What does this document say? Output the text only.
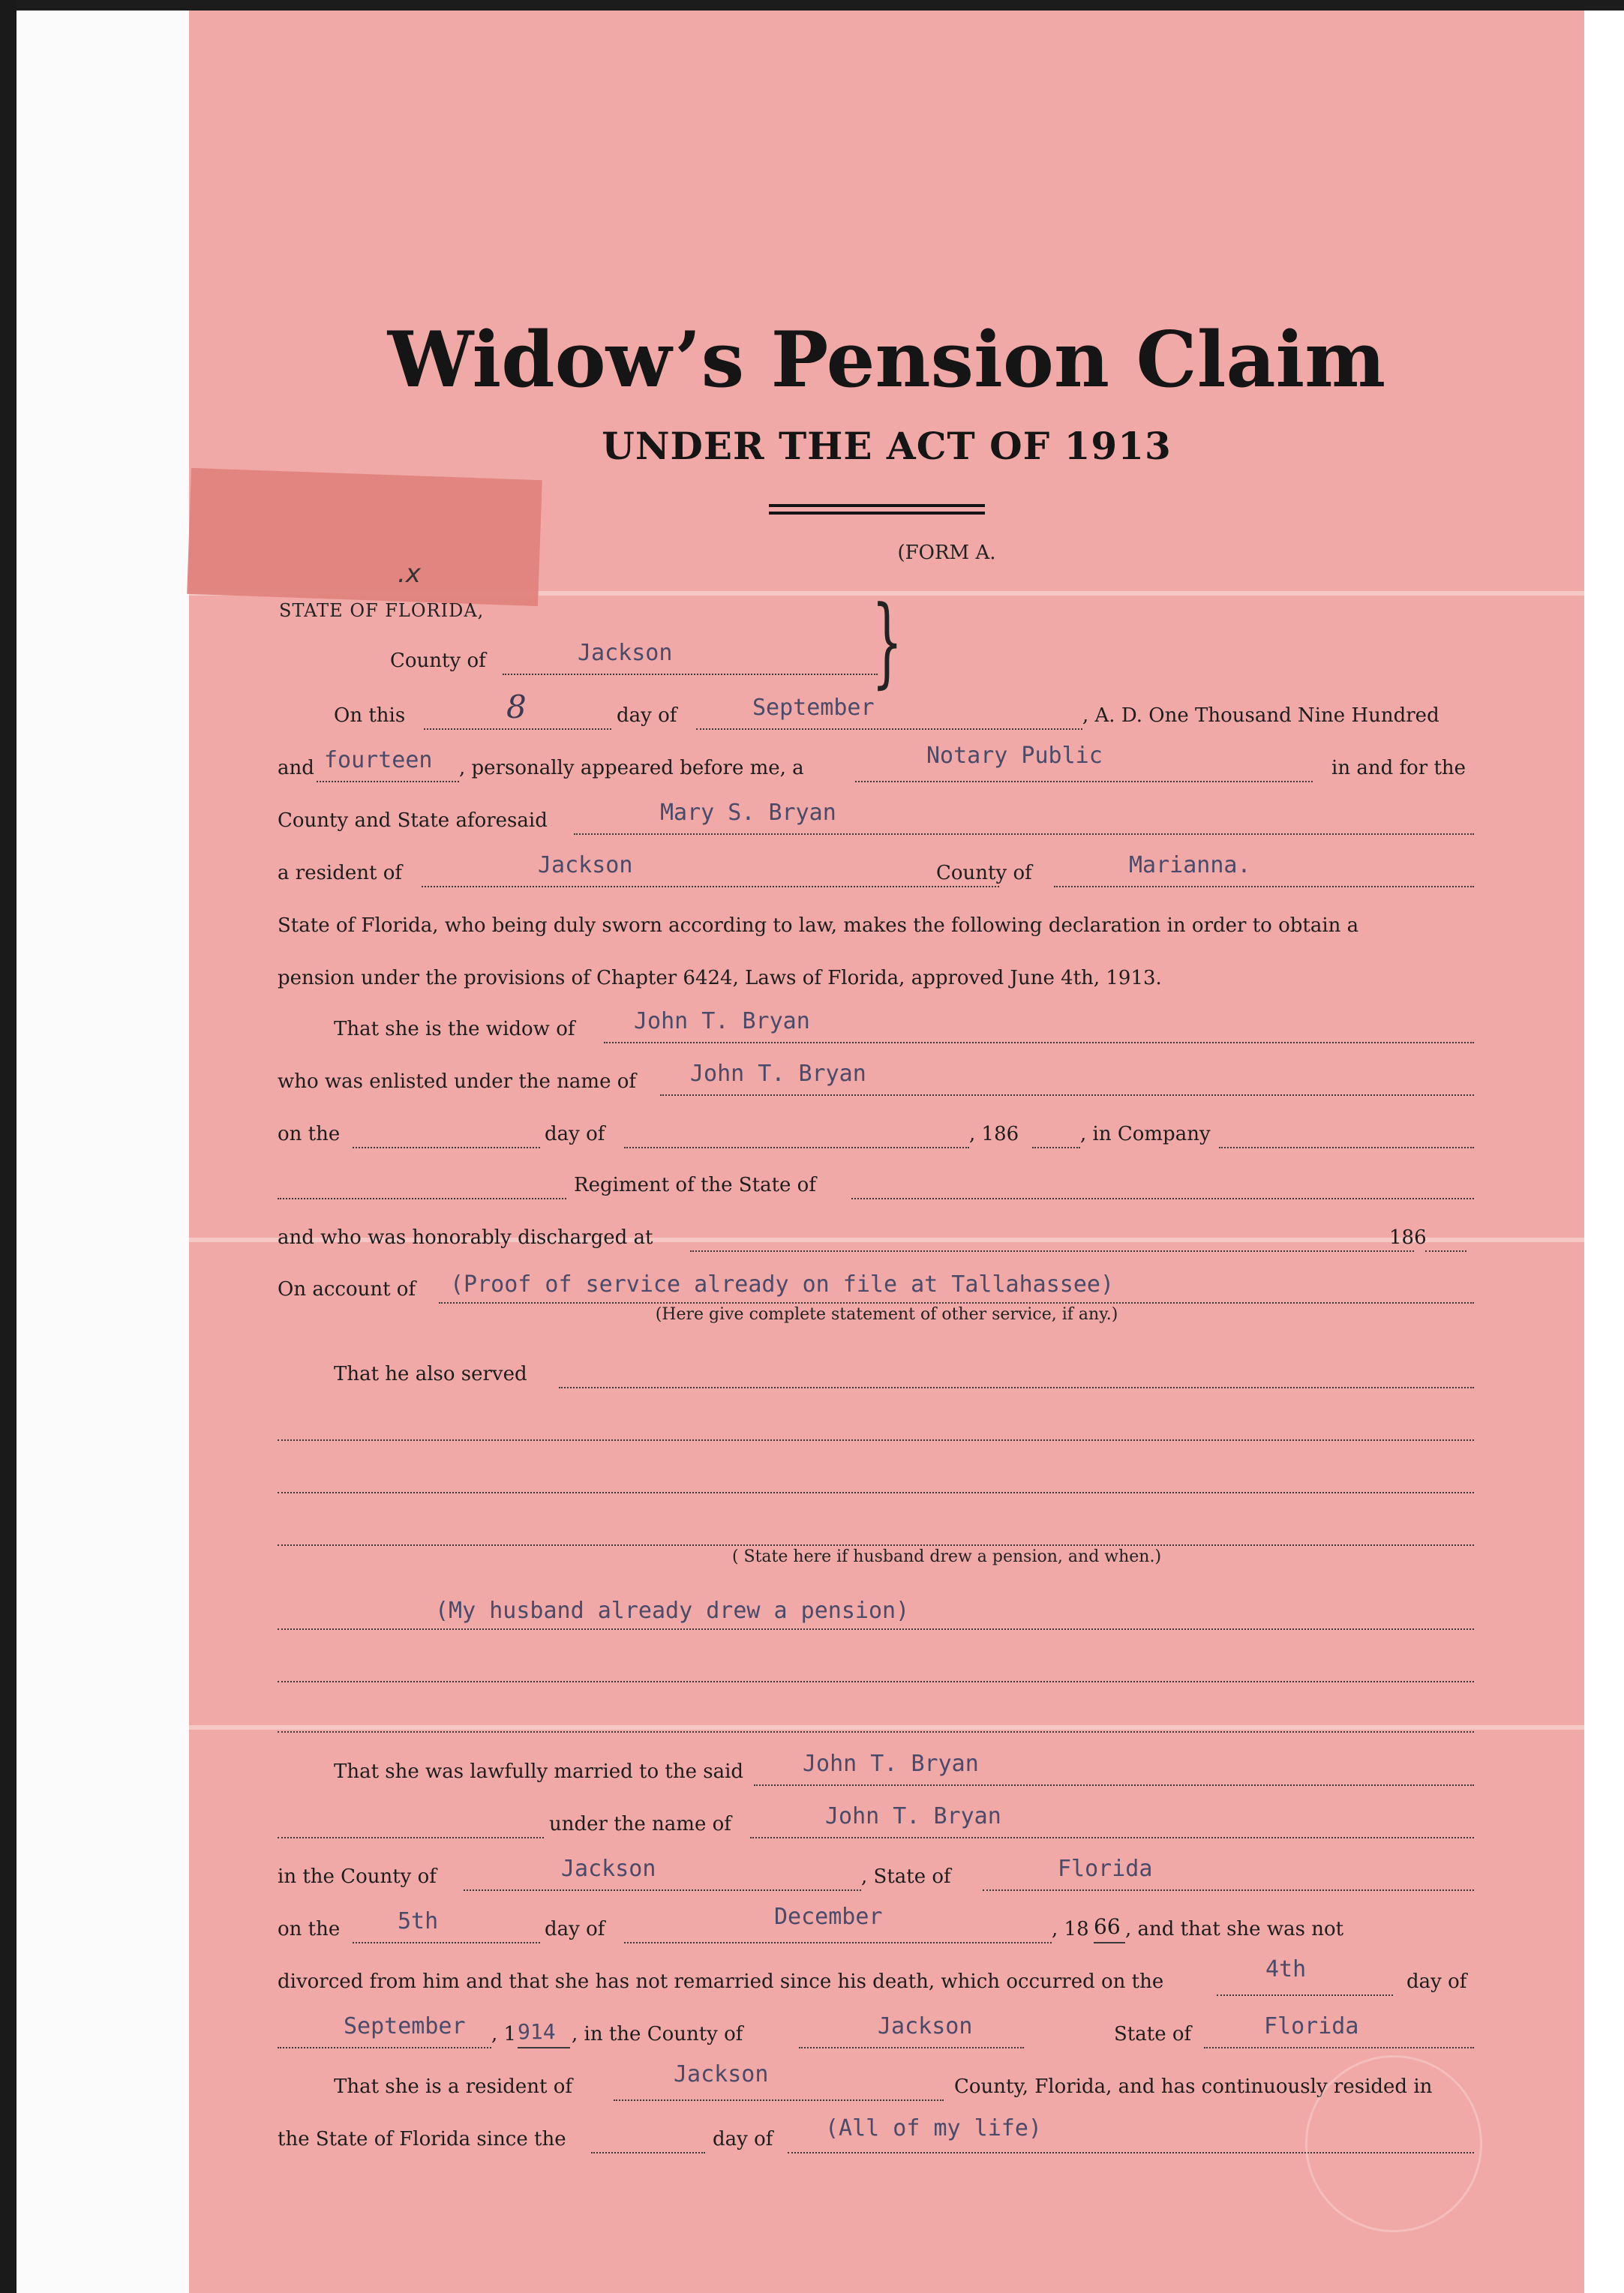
.x
Widow’s Pension Claim
UNDER THE ACT OF 1913
(FORM A.
STATE OF FLORIDA,	}
County of	Jackson
On this	8	day of	September	, A. D. One Thousand Nine Hundred
and fourteen , personally appeared before me, a	Notary Public	in and for the
County and State aforesaid	Mary S. Bryan
a resident of	Jackson	County of	Marianna.
State of Florida, who being duly sworn according to law, makes the following declaration in order to obtain a
pension under the provisions of Chapter 6424, Laws of Florida, approved June 4th, 1913.
That she is the widow of	John T. Bryan
who was enlisted under the name of John T. Bryan
on the	day of	, 186	, in Company
Regiment of the State of
and who was honorably discharged at	186
On account of (Proof of service already on file at Tallahassee)
(Here give complete statement of other service, if any.)
That he also served
( State here if husband drew a pension, and when.)
(My husband already drew a pension)
That she was lawfully married to the said	John T. Bryan
under the name of	John T. Bryan
in the County of	Jackson	, State of	Florida
on the	5th	day of	December	, 18 66 , and that she was not
divorced from him and that she has not remarried since his death, which occurred on the	4th	day of
September , 1 914 , in the County of	Jackson	State of	Florida
That she is a resident of	Jackson	County, Florida, and has continuously resided in
the State of Florida since the	day of (All of my life)
